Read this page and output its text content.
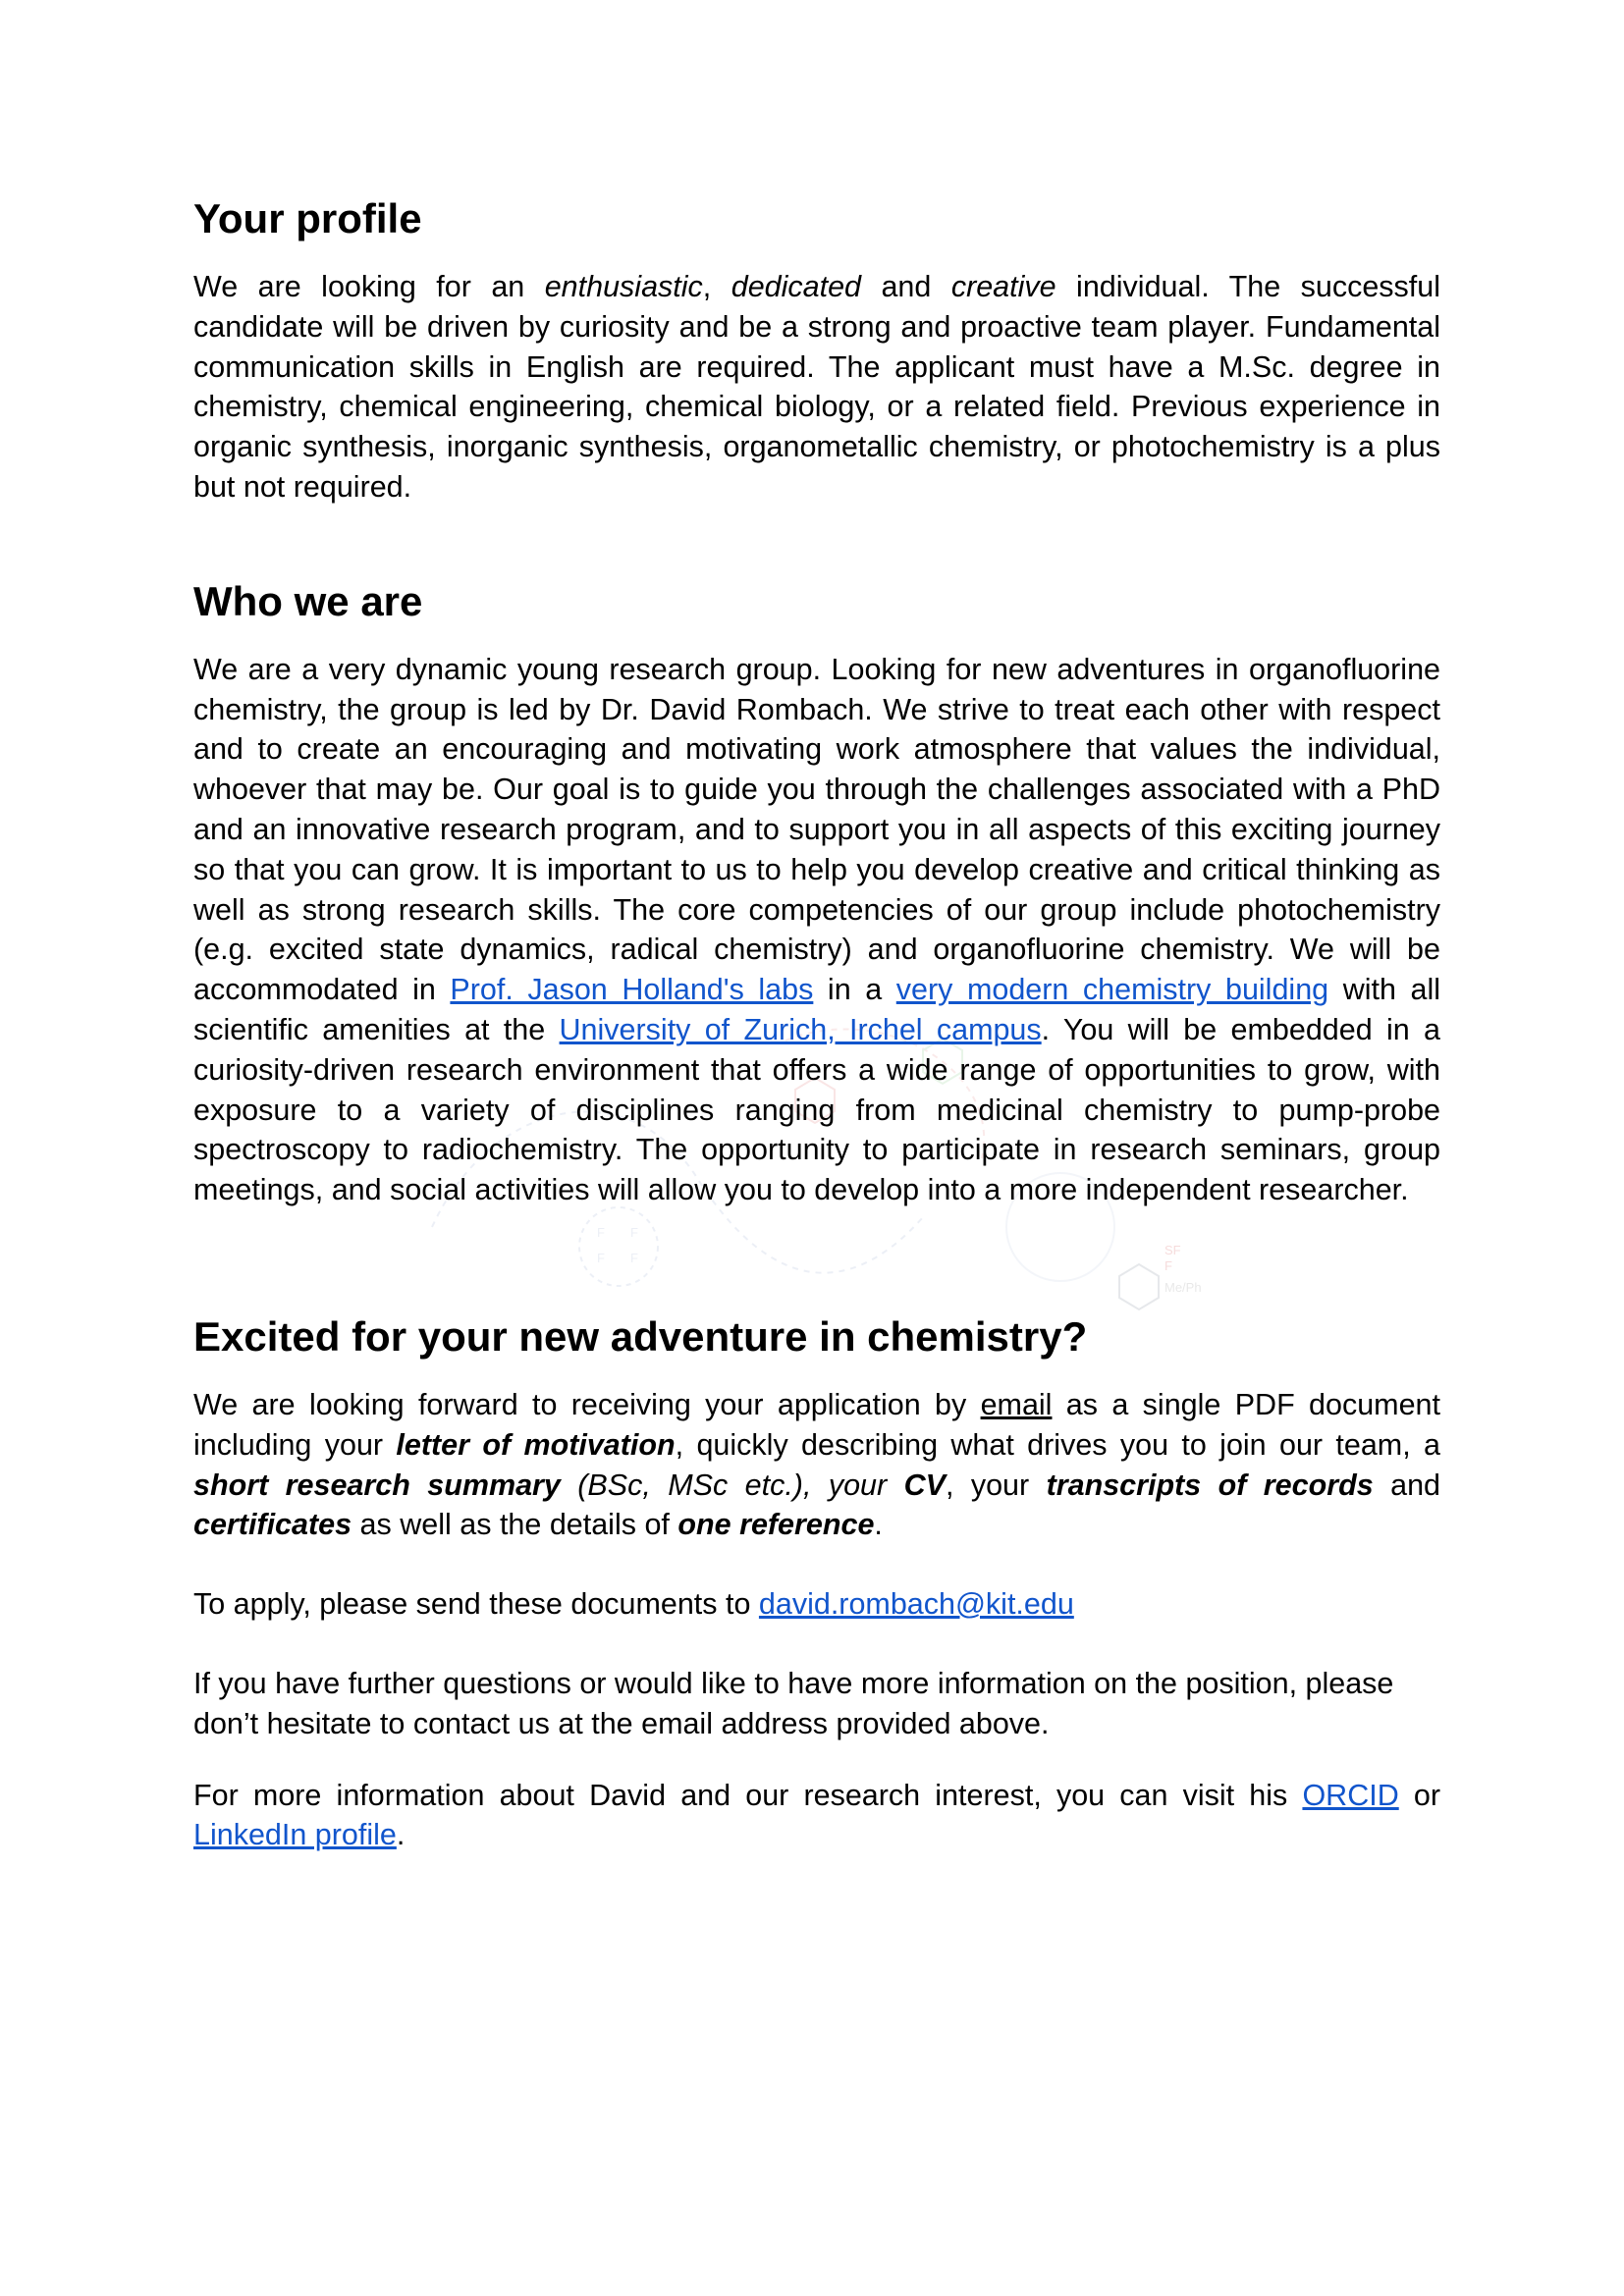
SF
F
Me/Ph
F F
F F
Your profile

We are looking for an enthusiastic, dedicated and creative individual. The successful candidate will be driven by curiosity and be a strong and proactive team player. Fundamental communication skills in English are required. The applicant must have a M.Sc. degree in chemistry, chemical engineering, chemical biology, or a related field. Previous experience in organic synthesis, inorganic synthesis, organometallic chemistry, or photochemistry is a plus but not required.

Who we are

We are a very dynamic young research group. Looking for new adventures in organofluorine chemistry, the group is led by Dr. David Rombach. We strive to treat each other with respect and to create an encouraging and motivating work atmosphere that values the individual, whoever that may be. Our goal is to guide you through the challenges associated with a PhD and an innovative research program, and to support you in all aspects of this exciting journey so that you can grow. It is important to us to help you develop creative and critical thinking as well as strong research skills. The core competencies of our group include photochemistry (e.g. excited state dynamics, radical chemistry) and organofluorine chemistry. We will be accommodated in Prof. Jason Holland's labs in a very modern chemistry building with all scientific amenities at the University of Zurich, Irchel campus. You will be embedded in a curiosity-driven research environment that offers a wide range of opportunities to grow, with exposure to a variety of disciplines ranging from medicinal chemistry to pump-probe spectroscopy to radiochemistry. The opportunity to participate in research seminars, group meetings, and social activities will allow you to develop into a more independent researcher.

Excited for your new adventure in chemistry?

We are looking forward to receiving your application by email as a single PDF document including your letter of motivation, quickly describing what drives you to join our team, a short research summary (BSc, MSc etc.), your CV, your transcripts of records and certificates as well as the details of one reference.

To apply, please send these documents to david.rombach@kit.edu

If you have further questions or would like to have more information on the position, please don’t hesitate to contact us at the email address provided above.

For more information about David and our research interest, you can visit his ORCID or LinkedIn profile.
